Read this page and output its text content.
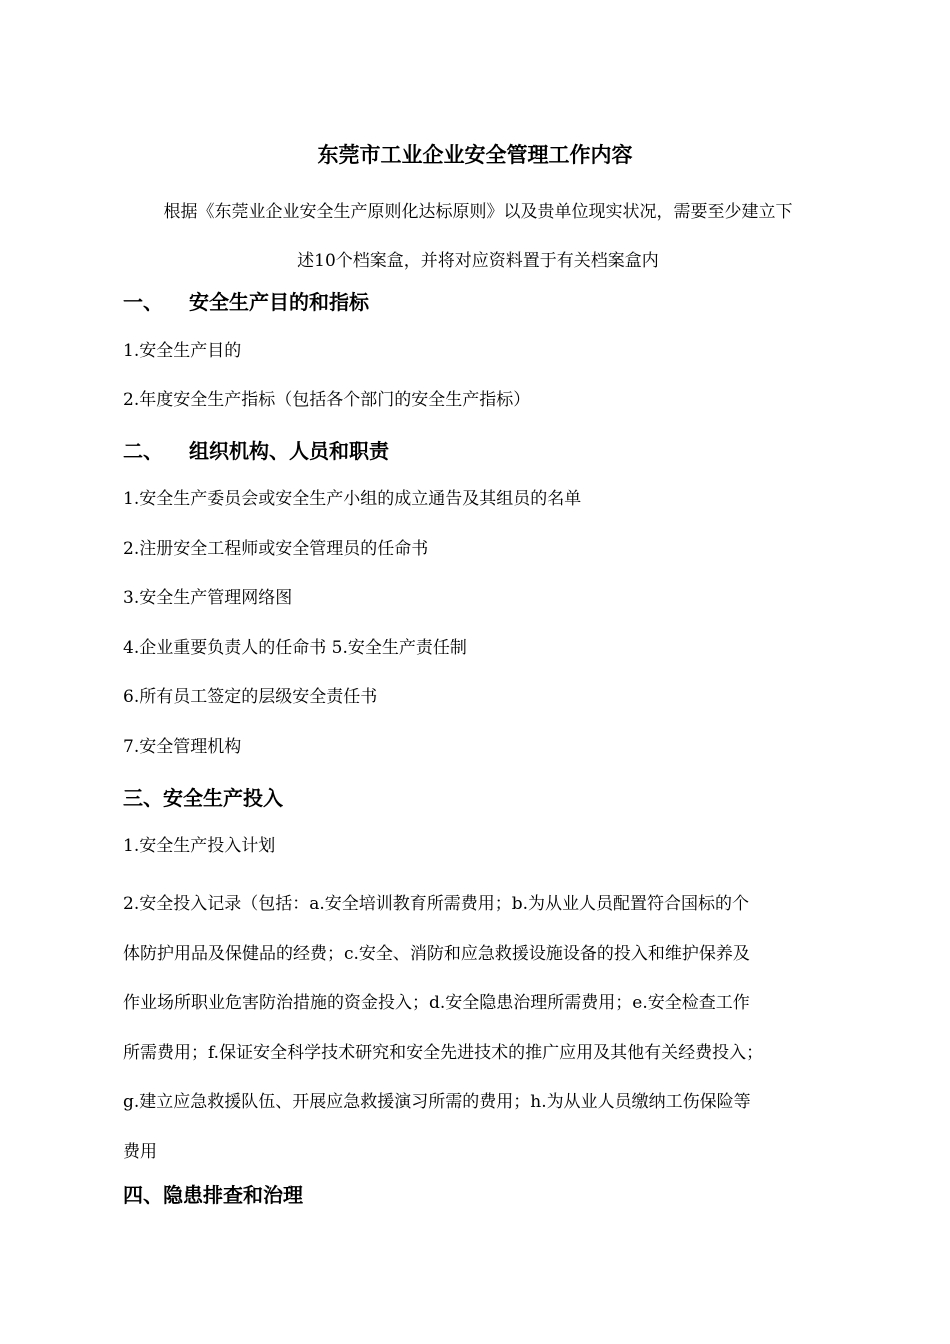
东莞市工业企业安全管理工作内容
根据《东莞业企业安全生产原则化达标原则》以及贵单位现实状况，需要至少建立下
述10个档案盒，并将对应资料置于有关档案盒内
一、 安全生产目的和指标
1.安全生产目的
2.年度安全生产指标（包括各个部门的安全生产指标）
二、 组织机构、人员和职责
1.安全生产委员会或安全生产小组的成立通告及其组员的名单
2.注册安全工程师或安全管理员的任命书
3.安全生产管理网络图
4.企业重要负责人的任命书 5.安全生产责任制
6.所有员工签定的层级安全责任书
7.安全管理机构
三、安全生产投入
1.安全生产投入计划
2.安全投入记录（包括：a.安全培训教育所需费用；b.为从业人员配置符合国标的个
体防护用品及保健品的经费；c.安全、消防和应急救援设施设备的投入和维护保养及
作业场所职业危害防治措施的资金投入；d.安全隐患治理所需费用；e.安全检查工作
所需费用；f.保证安全科学技术研究和安全先进技术的推广应用及其他有关经费投入；
g.建立应急救援队伍、开展应急救援演习所需的费用；h.为从业人员缴纳工伤保险等
费用
四、隐患排查和治理
